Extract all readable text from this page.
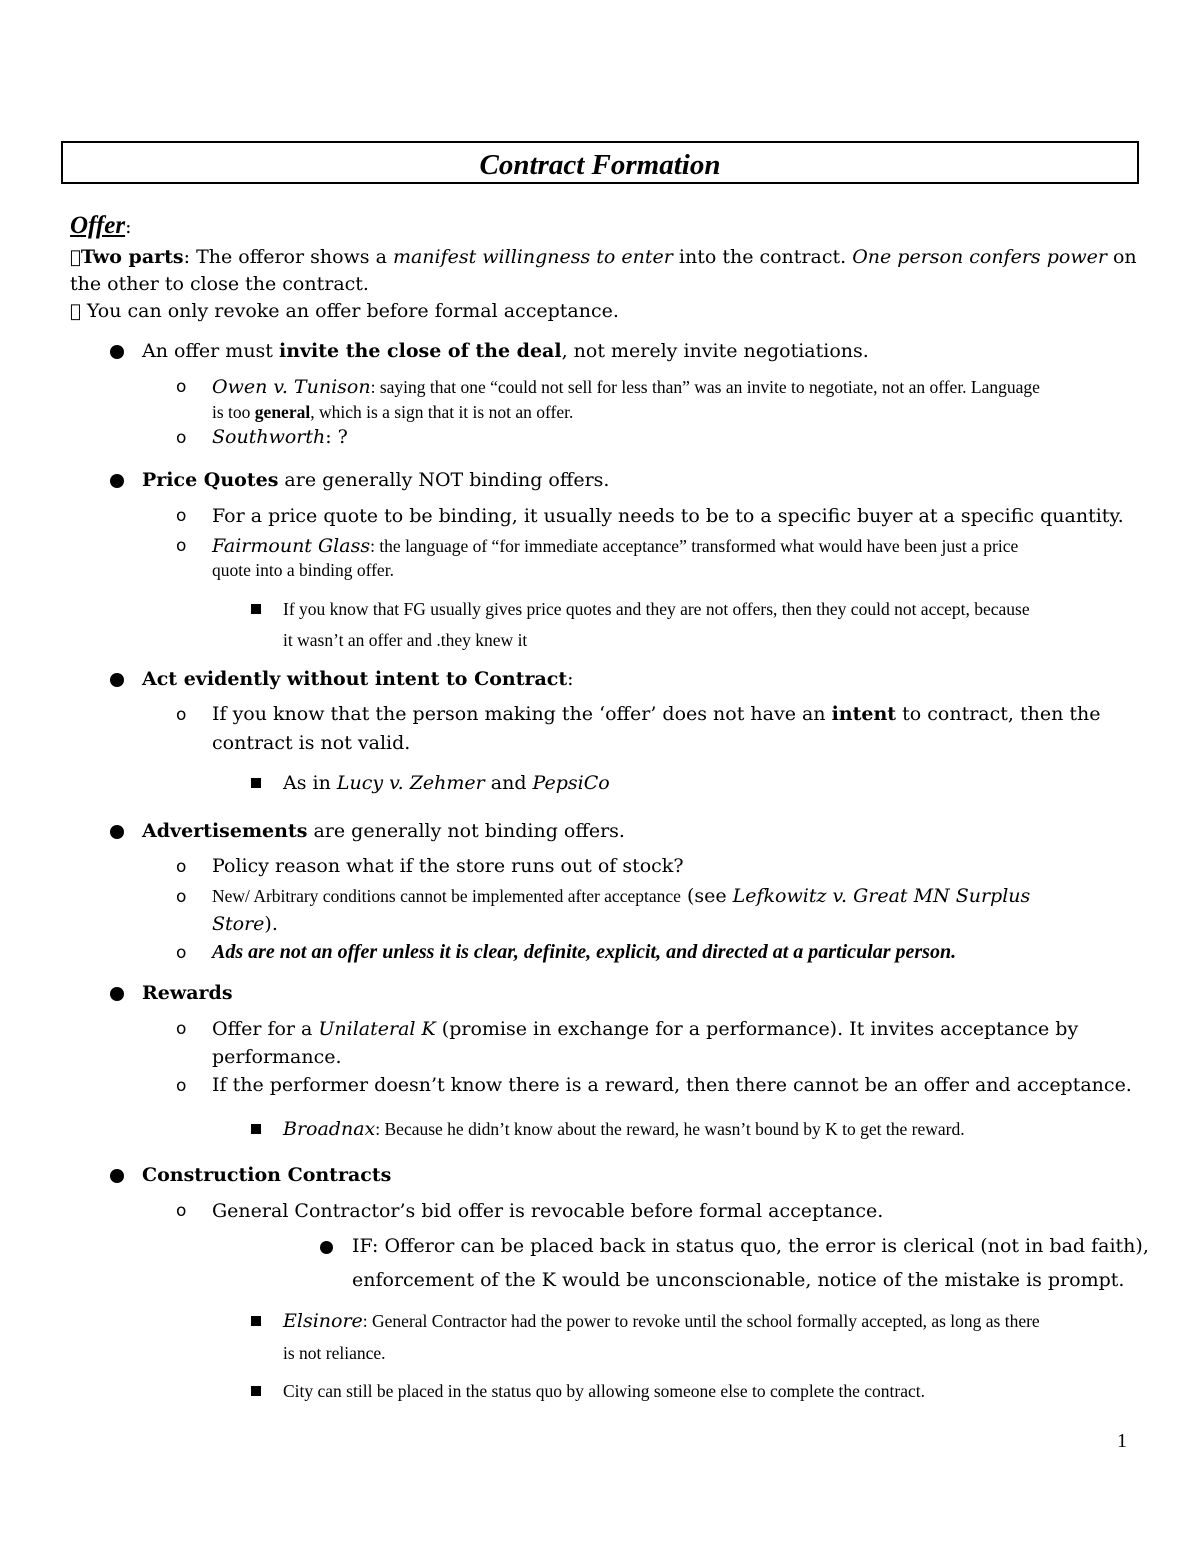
Contract Formation
Offer:
Two parts: The offeror shows a manifest willingness to enter into the contract. One person confers power on
the other to close the contract.
You can only revoke an offer before formal acceptance.
An offer must invite the close of the deal, not merely invite negotiations.
o Owen v. Tunison: saying that one “could not sell for less than” was an invite to negotiate, not an offer. Language
is too general, which is a sign that it is not an offer.
o Southworth: ?
Price Quotes are generally NOT binding offers.
o For a price quote to be binding, it usually needs to be to a specific buyer at a specific quantity.
o Fairmount Glass: the language of “for immediate acceptance” transformed what would have been just a price
quote into a binding offer.
If you know that FG usually gives price quotes and they are not offers, then they could not accept, because
it wasn’t an offer and .they knew it
Act evidently without intent to Contract:
o If you know that the person making the ‘offer’ does not have an intent to contract, then the
contract is not valid.
As in Lucy v. Zehmer and PepsiCo
Advertisements are generally not binding offers.
o Policy reason what if the store runs out of stock?
o New/ Arbitrary conditions cannot be implemented after acceptance (see Lefkowitz v. Great MN Surplus
Store).
o Ads are not an offer unless it is clear, definite, explicit, and directed at a particular person.
Rewards
o Offer for a Unilateral K (promise in exchange for a performance). It invites acceptance by
performance.
o If the performer doesn’t know there is a reward, then there cannot be an offer and acceptance.
Broadnax: Because he didn’t know about the reward, he wasn’t bound by K to get the reward.
Construction Contracts
o General Contractor’s bid offer is revocable before formal acceptance.
IF: Offeror can be placed back in status quo, the error is clerical (not in bad faith),
enforcement of the K would be unconscionable, notice of the mistake is prompt.
Elsinore: General Contractor had the power to revoke until the school formally accepted, as long as there
is not reliance.
City can still be placed in the status quo by allowing someone else to complete the contract.
1
